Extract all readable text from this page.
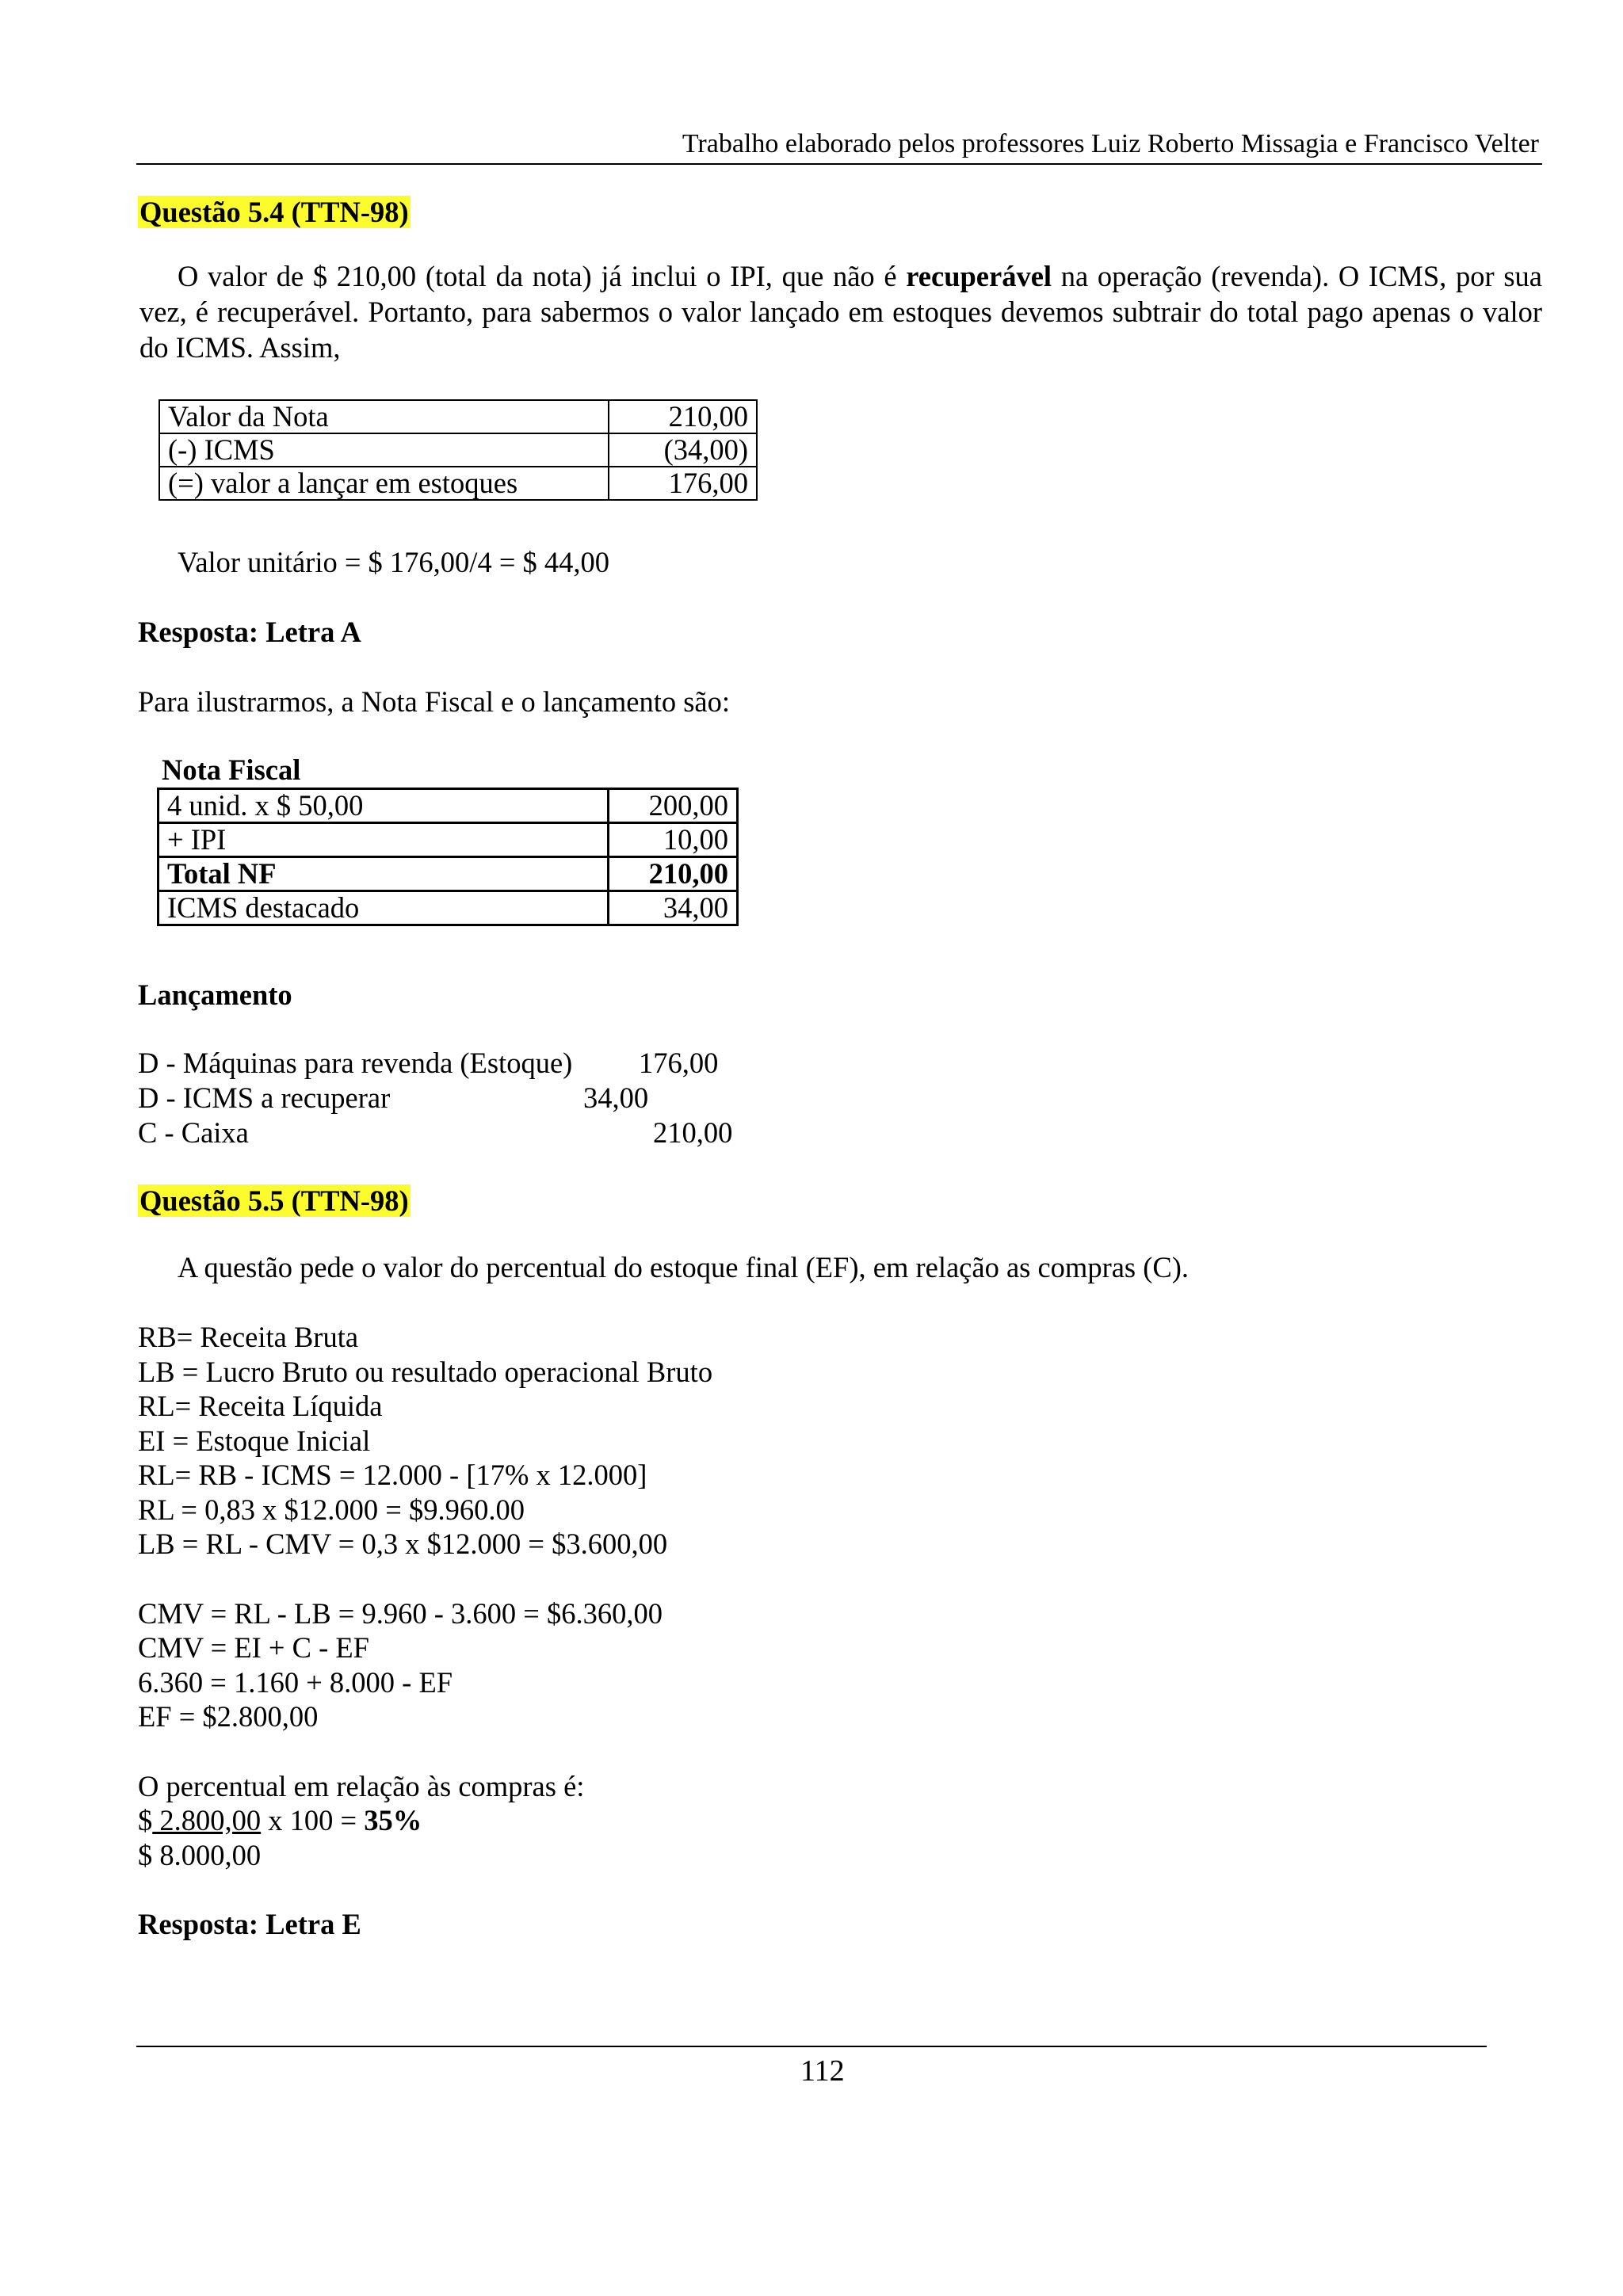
Trabalho elaborado pelos professores Luiz Roberto Missagia e Francisco Velter
Questão 5.4 (TTN-98)
O valor de $ 210,00 (total da nota) já inclui o IPI, que não é recuperável na operação (revenda). O ICMS, por sua vez, é recuperável. Portanto, para sabermos o valor lançado em estoques devemos subtrair do total pago apenas o valor do ICMS. Assim,
Valor da Nota	210,00
(-) ICMS	(34,00)
(=) valor a lançar em estoques	176,00
Valor unitário = $ 176,00/4 = $ 44,00
Resposta: Letra A
Para ilustrarmos, a Nota Fiscal e o lançamento são:
Nota Fiscal
4 unid. x $ 50,00	200,00
+ IPI	10,00
Total NF	210,00
ICMS destacado	34,00
Lançamento
D - Máquinas para revenda (Estoque) 176,00
D - ICMS a recuperar	34,00
C - Caixa	210,00
Questão 5.5 (TTN-98)
A questão pede o valor do percentual do estoque final (EF), em relação as compras (C).
RB= Receita Bruta
LB = Lucro Bruto ou resultado operacional Bruto
RL= Receita Líquida
EI = Estoque Inicial
RL= RB - ICMS = 12.000 - [17% x 12.000]
RL = 0,83 x $12.000 = $9.960.00
LB = RL - CMV = 0,3 x $12.000 = $3.600,00
CMV = RL - LB = 9.960 - 3.600 = $6.360,00
CMV = EI + C - EF
6.360 = 1.160 + 8.000 - EF
EF = $2.800,00
O percentual em relação às compras é:
$ 2.800,00 x 100 = 35%
$ 8.000,00
Resposta: Letra E
112
